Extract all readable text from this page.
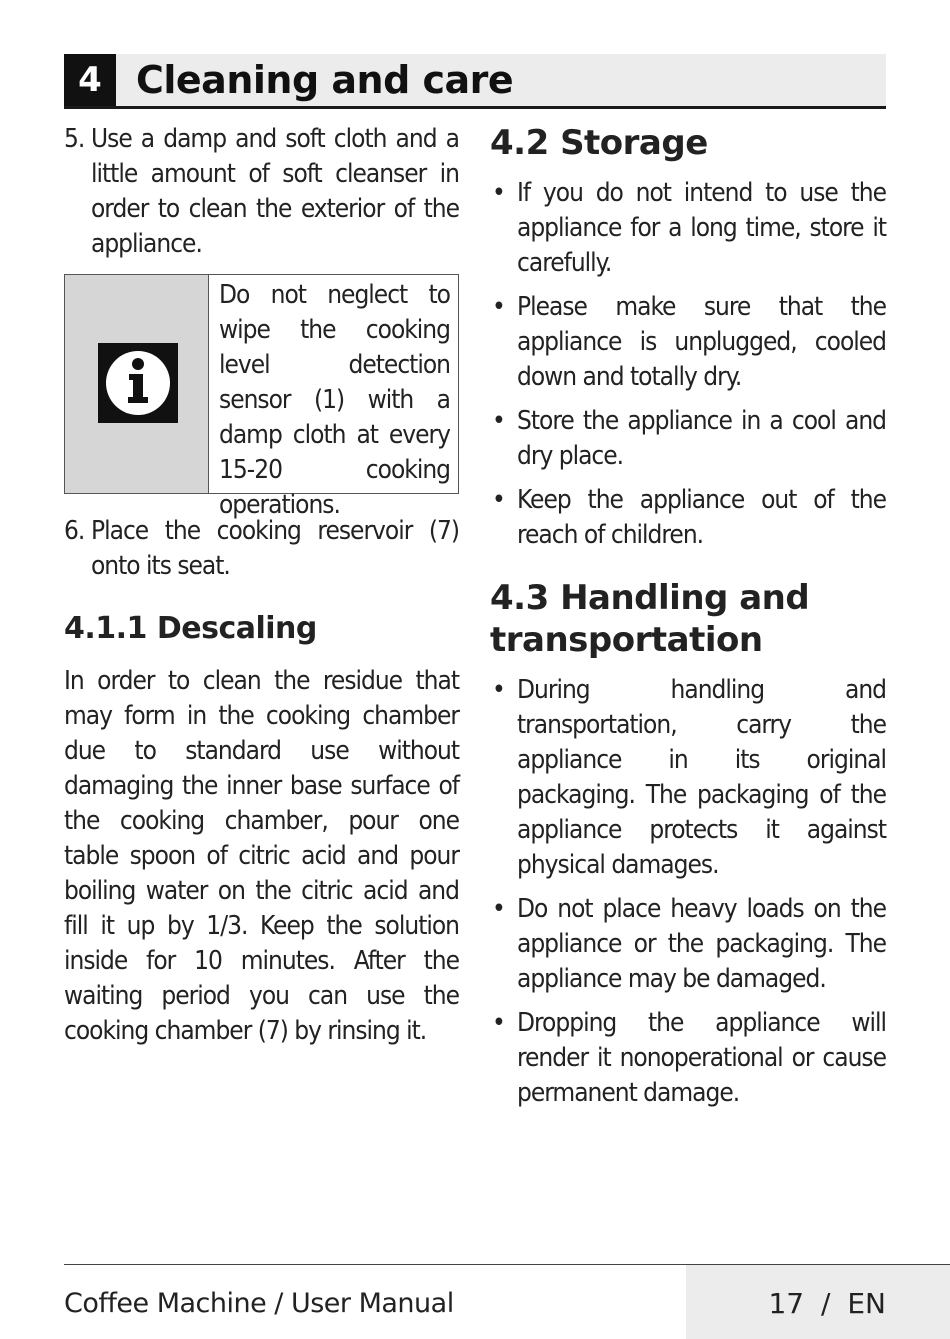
4 Cleaning and care
5. Use a damp and soft cloth and a little amount of soft cleanser in order to clean the exterior of the appliance.
Do not neglect to wipe the cooking level detection sensor (1) with a damp cloth at every 15-20 cooking operations.
6. Place the cooking reservoir (7) onto its seat.
4.1.1 Descaling
In order to clean the residue that may form in the cooking chamber due to standard use without damaging the inner base surface of the cooking chamber, pour one table spoon of citric acid and pour boiling water on the citric acid and fill it up by 1/3. Keep the solution inside for 10 minutes. After the waiting period you can use the cooking chamber (7) by rinsing it.
4.2 Storage
• If you do not intend to use the appliance for a long time, store it carefully.
• Please make sure that the appliance is unplugged, cooled down and totally dry.
• Store the appliance in a cool and dry place.
• Keep the appliance out of the reach of children.
4.3 Handling and transportation
• During handling and transportation, carry the appliance in its original packaging. The packaging of the appliance protects it against physical damages.
• Do not place heavy loads on the appliance or the packaging. The appliance may be damaged.
• Dropping the appliance will render it nonoperational or cause permanent damage.
Coffee Machine / User Manual	17 / EN
